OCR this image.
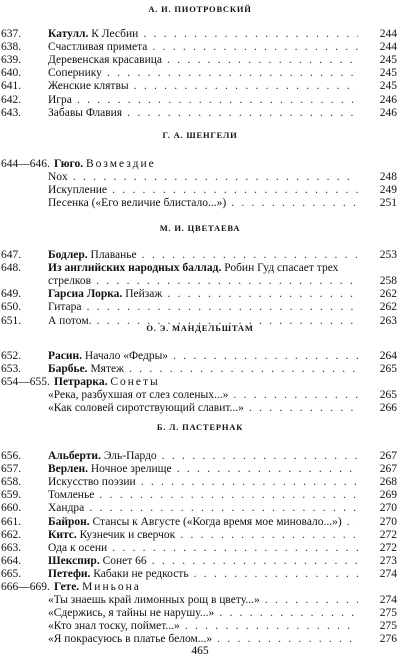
А. И. ПИОТРОВСКИЙ
637. Катулл. К Лесбии . . .	244
638. Счастливая примета . . .	244
639. Деревенская красавица . . .	245
640. Сопернику . . .	245
641. Женские клятвы . . .	245
642. Игра . . .	246
643. Забавы Флавия . . .	246
Г. А. ШЕНГЕЛИ
644—646. Гюго. Возмездие
Nox . . .	248
Искупление . . .	249
Песенка («Его величие блистало...») . . .	251
М. И. ЦВЕТАЕВА
647. Бодлер. Плаванье . . .	253
648. Из английских народных баллад. Робин Гуд спасает трех
стрелков . . .	258
649. Гарсиа Лорка. Пейзаж . . .	262
650. Гитара . . .	262
651. А потом. . . .	263
О. Э. МАНДЕЛЬШТАМ
652. Расин. Начало «Федры» . . .	264
653. Барбье. Мятеж . . .	265
654—655. Петрарка. Сонеты
«Река, разбухшая от слез соленых...» . . .	265
«Как соловей сиротствующий славит...» . . .	266
Б. Л. ПАСТЕРНАК
656. Альберти. Эль-Пардо . . .	267
657. Верлен. Ночное зрелище . . .	267
658. Искусство поэзии . . .	268
659. Томленье . . .	269
660. Хандра . . .	270
661. Байрон. Стансы к Августе («Когда время мое миновало...») . . .	270
662. Китс. Кузнечик и сверчок . . .	272
663. Ода к осени . . .	272
664. Шекспир. Сонет 66 . . .	273
665. Петефи. Кабаки не редкость . . .	274
666—669. Гете. Миньона
«Ты знаешь край лимонных рощ в цвету...» . . .	274
«Сдержись, я тайны не нарушу...» . . .	275
«Кто знал тоску, поймет...» . . .	275
«Я покрасуюсь в платье белом...» . . .	276
465
